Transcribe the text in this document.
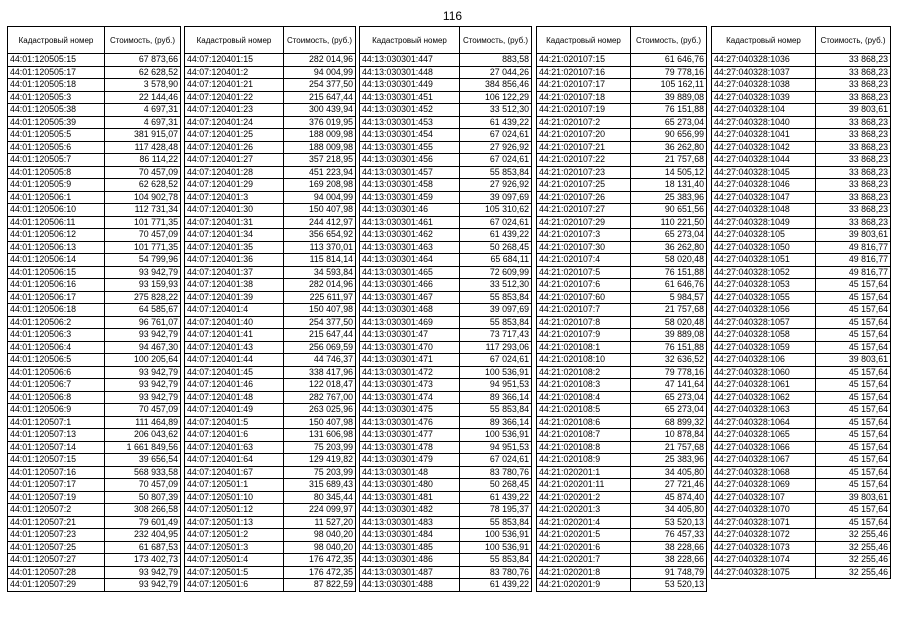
116
Кадастровый номер	Стоимость, (руб.)
44:01:120505:15	67 873,66
44:01:120505:17	62 628,52
44:01:120505:18	3 578,90
44:01:120505:3	22 144,46
44:01:120505:38	4 697,31
44:01:120505:39	4 697,31
44:01:120505:5	381 915,07
44:01:120505:6	117 428,48
44:01:120505:7	86 114,22
44:01:120505:8	70 457,09
44:01:120505:9	62 628,52
44:01:120506:1	104 902,78
44:01:120506:10	112 731,34
44:01:120506:11	101 771,35
44:01:120506:12	70 457,09
44:01:120506:13	101 771,35
44:01:120506:14	54 799,96
44:01:120506:15	93 942,79
44:01:120506:16	93 159,93
44:01:120506:17	275 828,22
44:01:120506:18	64 585,67
44:01:120506:2	96 761,07
44:01:120506:3	93 942,79
44:01:120506:4	94 467,30
44:01:120506:5	100 205,64
44:01:120506:6	93 942,79
44:01:120506:7	93 942,79
44:01:120506:8	93 942,79
44:01:120506:9	70 457,09
44:01:120507:1	111 464,89
44:01:120507:13	206 043,62
44:01:120507:14	1 661 849,56
44:01:120507:15	39 656,54
44:01:120507:16	568 933,58
44:01:120507:17	70 457,09
44:01:120507:19	50 807,39
44:01:120507:2	308 266,58
44:01:120507:21	79 601,49
44:01:120507:23	232 404,95
44:01:120507:25	61 687,53
44:01:120507:27	173 402,73
44:01:120507:28	93 942,79
44:01:120507:29	93 942,79
Кадастровый номер	Стоимость, (руб.)
44:07:120401:15	282 014,96
44:07:120401:2	94 004,99
44:07:120401:21	254 377,50
44:07:120401:22	215 647,44
44:07:120401:23	300 439,94
44:07:120401:24	376 019,95
44:07:120401:25	188 009,98
44:07:120401:26	188 009,98
44:07:120401:27	357 218,95
44:07:120401:28	451 223,94
44:07:120401:29	169 208,98
44:07:120401:3	94 004,99
44:07:120401:30	150 407,98
44:07:120401:31	244 412,97
44:07:120401:34	356 654,92
44:07:120401:35	113 370,01
44:07:120401:36	115 814,14
44:07:120401:37	34 593,84
44:07:120401:38	282 014,96
44:07:120401:39	225 611,97
44:07:120401:4	150 407,98
44:07:120401:40	254 377,50
44:07:120401:41	215 647,44
44:07:120401:43	256 069,59
44:07:120401:44	44 746,37
44:07:120401:45	338 417,96
44:07:120401:46	122 018,47
44:07:120401:48	282 767,00
44:07:120401:49	263 025,96
44:07:120401:5	150 407,98
44:07:120401:6	131 606,98
44:07:120401:63	75 203,99
44:07:120401:64	129 419,82
44:07:120401:67	75 203,99
44:07:120501:1	315 689,43
44:07:120501:10	80 345,44
44:07:120501:12	224 099,97
44:07:120501:13	11 527,20
44:07:120501:2	98 040,20
44:07:120501:3	98 040,20
44:07:120501:4	176 472,35
44:07:120501:5	176 472,35
44:07:120501:6	87 822,59
Кадастровый номер	Стоимость, (руб.)
44:13:030301:447	883,58
44:13:030301:448	27 044,26
44:13:030301:449	384 856,46
44:13:030301:451	106 122,29
44:13:030301:452	33 512,30
44:13:030301:453	61 439,22
44:13:030301:454	67 024,61
44:13:030301:455	27 926,92
44:13:030301:456	67 024,61
44:13:030301:457	55 853,84
44:13:030301:458	27 926,92
44:13:030301:459	39 097,69
44:13:030301:46	105 310,62
44:13:030301:461	67 024,61
44:13:030301:462	61 439,22
44:13:030301:463	50 268,45
44:13:030301:464	65 684,11
44:13:030301:465	72 609,99
44:13:030301:466	33 512,30
44:13:030301:467	55 853,84
44:13:030301:468	39 097,69
44:13:030301:469	55 853,84
44:13:030301:47	73 717,43
44:13:030301:470	117 293,06
44:13:030301:471	67 024,61
44:13:030301:472	100 536,91
44:13:030301:473	94 951,53
44:13:030301:474	89 366,14
44:13:030301:475	55 853,84
44:13:030301:476	89 366,14
44:13:030301:477	100 536,91
44:13:030301:478	94 951,53
44:13:030301:479	67 024,61
44:13:030301:48	83 780,76
44:13:030301:480	50 268,45
44:13:030301:481	61 439,22
44:13:030301:482	78 195,37
44:13:030301:483	55 853,84
44:13:030301:484	100 536,91
44:13:030301:485	100 536,91
44:13:030301:486	55 853,84
44:13:030301:487	83 780,76
44:13:030301:488	61 439,22
Кадастровый номер	Стоимость, (руб.)
44:21:020107:15	61 646,76
44:21:020107:16	79 778,16
44:21:020107:17	105 162,11
44:21:020107:18	39 889,08
44:21:020107:19	76 151,88
44:21:020107:2	65 273,04
44:21:020107:20	90 656,99
44:21:020107:21	36 262,80
44:21:020107:22	21 757,68
44:21:020107:23	14 505,12
44:21:020107:25	18 131,40
44:21:020107:26	25 383,96
44:21:020107:27	90 651,56
44:21:020107:29	110 221,50
44:21:020107:3	65 273,04
44:21:020107:30	36 262,80
44:21:020107:4	58 020,48
44:21:020107:5	76 151,88
44:21:020107:6	61 646,76
44:21:020107:60	5 984,57
44:21:020107:7	21 757,68
44:21:020107:8	58 020,48
44:21:020107:9	39 889,08
44:21:020108:1	76 151,88
44:21:020108:10	32 636,52
44:21:020108:2	79 778,16
44:21:020108:3	47 141,64
44:21:020108:4	65 273,04
44:21:020108:5	65 273,04
44:21:020108:6	68 899,32
44:21:020108:7	10 878,84
44:21:020108:8	21 757,68
44:21:020108:9	25 383,96
44:21:020201:1	34 405,80
44:21:020201:11	27 721,46
44:21:020201:2	45 874,40
44:21:020201:3	34 405,80
44:21:020201:4	53 520,13
44:21:020201:5	76 457,33
44:21:020201:6	38 228,66
44:21:020201:7	38 228,66
44:21:020201:8	91 748,79
44:21:020201:9	53 520,13
Кадастровый номер	Стоимость, (руб.)
44:27:040328:1036	33 868,23
44:27:040328:1037	33 868,23
44:27:040328:1038	33 868,23
44:27:040328:1039	33 868,23
44:27:040328:104	39 803,61
44:27:040328:1040	33 868,23
44:27:040328:1041	33 868,23
44:27:040328:1042	33 868,23
44:27:040328:1044	33 868,23
44:27:040328:1045	33 868,23
44:27:040328:1046	33 868,23
44:27:040328:1047	33 868,23
44:27:040328:1048	33 868,23
44:27:040328:1049	33 868,23
44:27:040328:105	39 803,61
44:27:040328:1050	49 816,77
44:27:040328:1051	49 816,77
44:27:040328:1052	49 816,77
44:27:040328:1053	45 157,64
44:27:040328:1055	45 157,64
44:27:040328:1056	45 157,64
44:27:040328:1057	45 157,64
44:27:040328:1058	45 157,64
44:27:040328:1059	45 157,64
44:27:040328:106	39 803,61
44:27:040328:1060	45 157,64
44:27:040328:1061	45 157,64
44:27:040328:1062	45 157,64
44:27:040328:1063	45 157,64
44:27:040328:1064	45 157,64
44:27:040328:1065	45 157,64
44:27:040328:1066	45 157,64
44:27:040328:1067	45 157,64
44:27:040328:1068	45 157,64
44:27:040328:1069	45 157,64
44:27:040328:107	39 803,61
44:27:040328:1070	45 157,64
44:27:040328:1071	45 157,64
44:27:040328:1072	32 255,46
44:27:040328:1073	32 255,46
44:27:040328:1074	32 255,46
44:27:040328:1075	32 255,46
